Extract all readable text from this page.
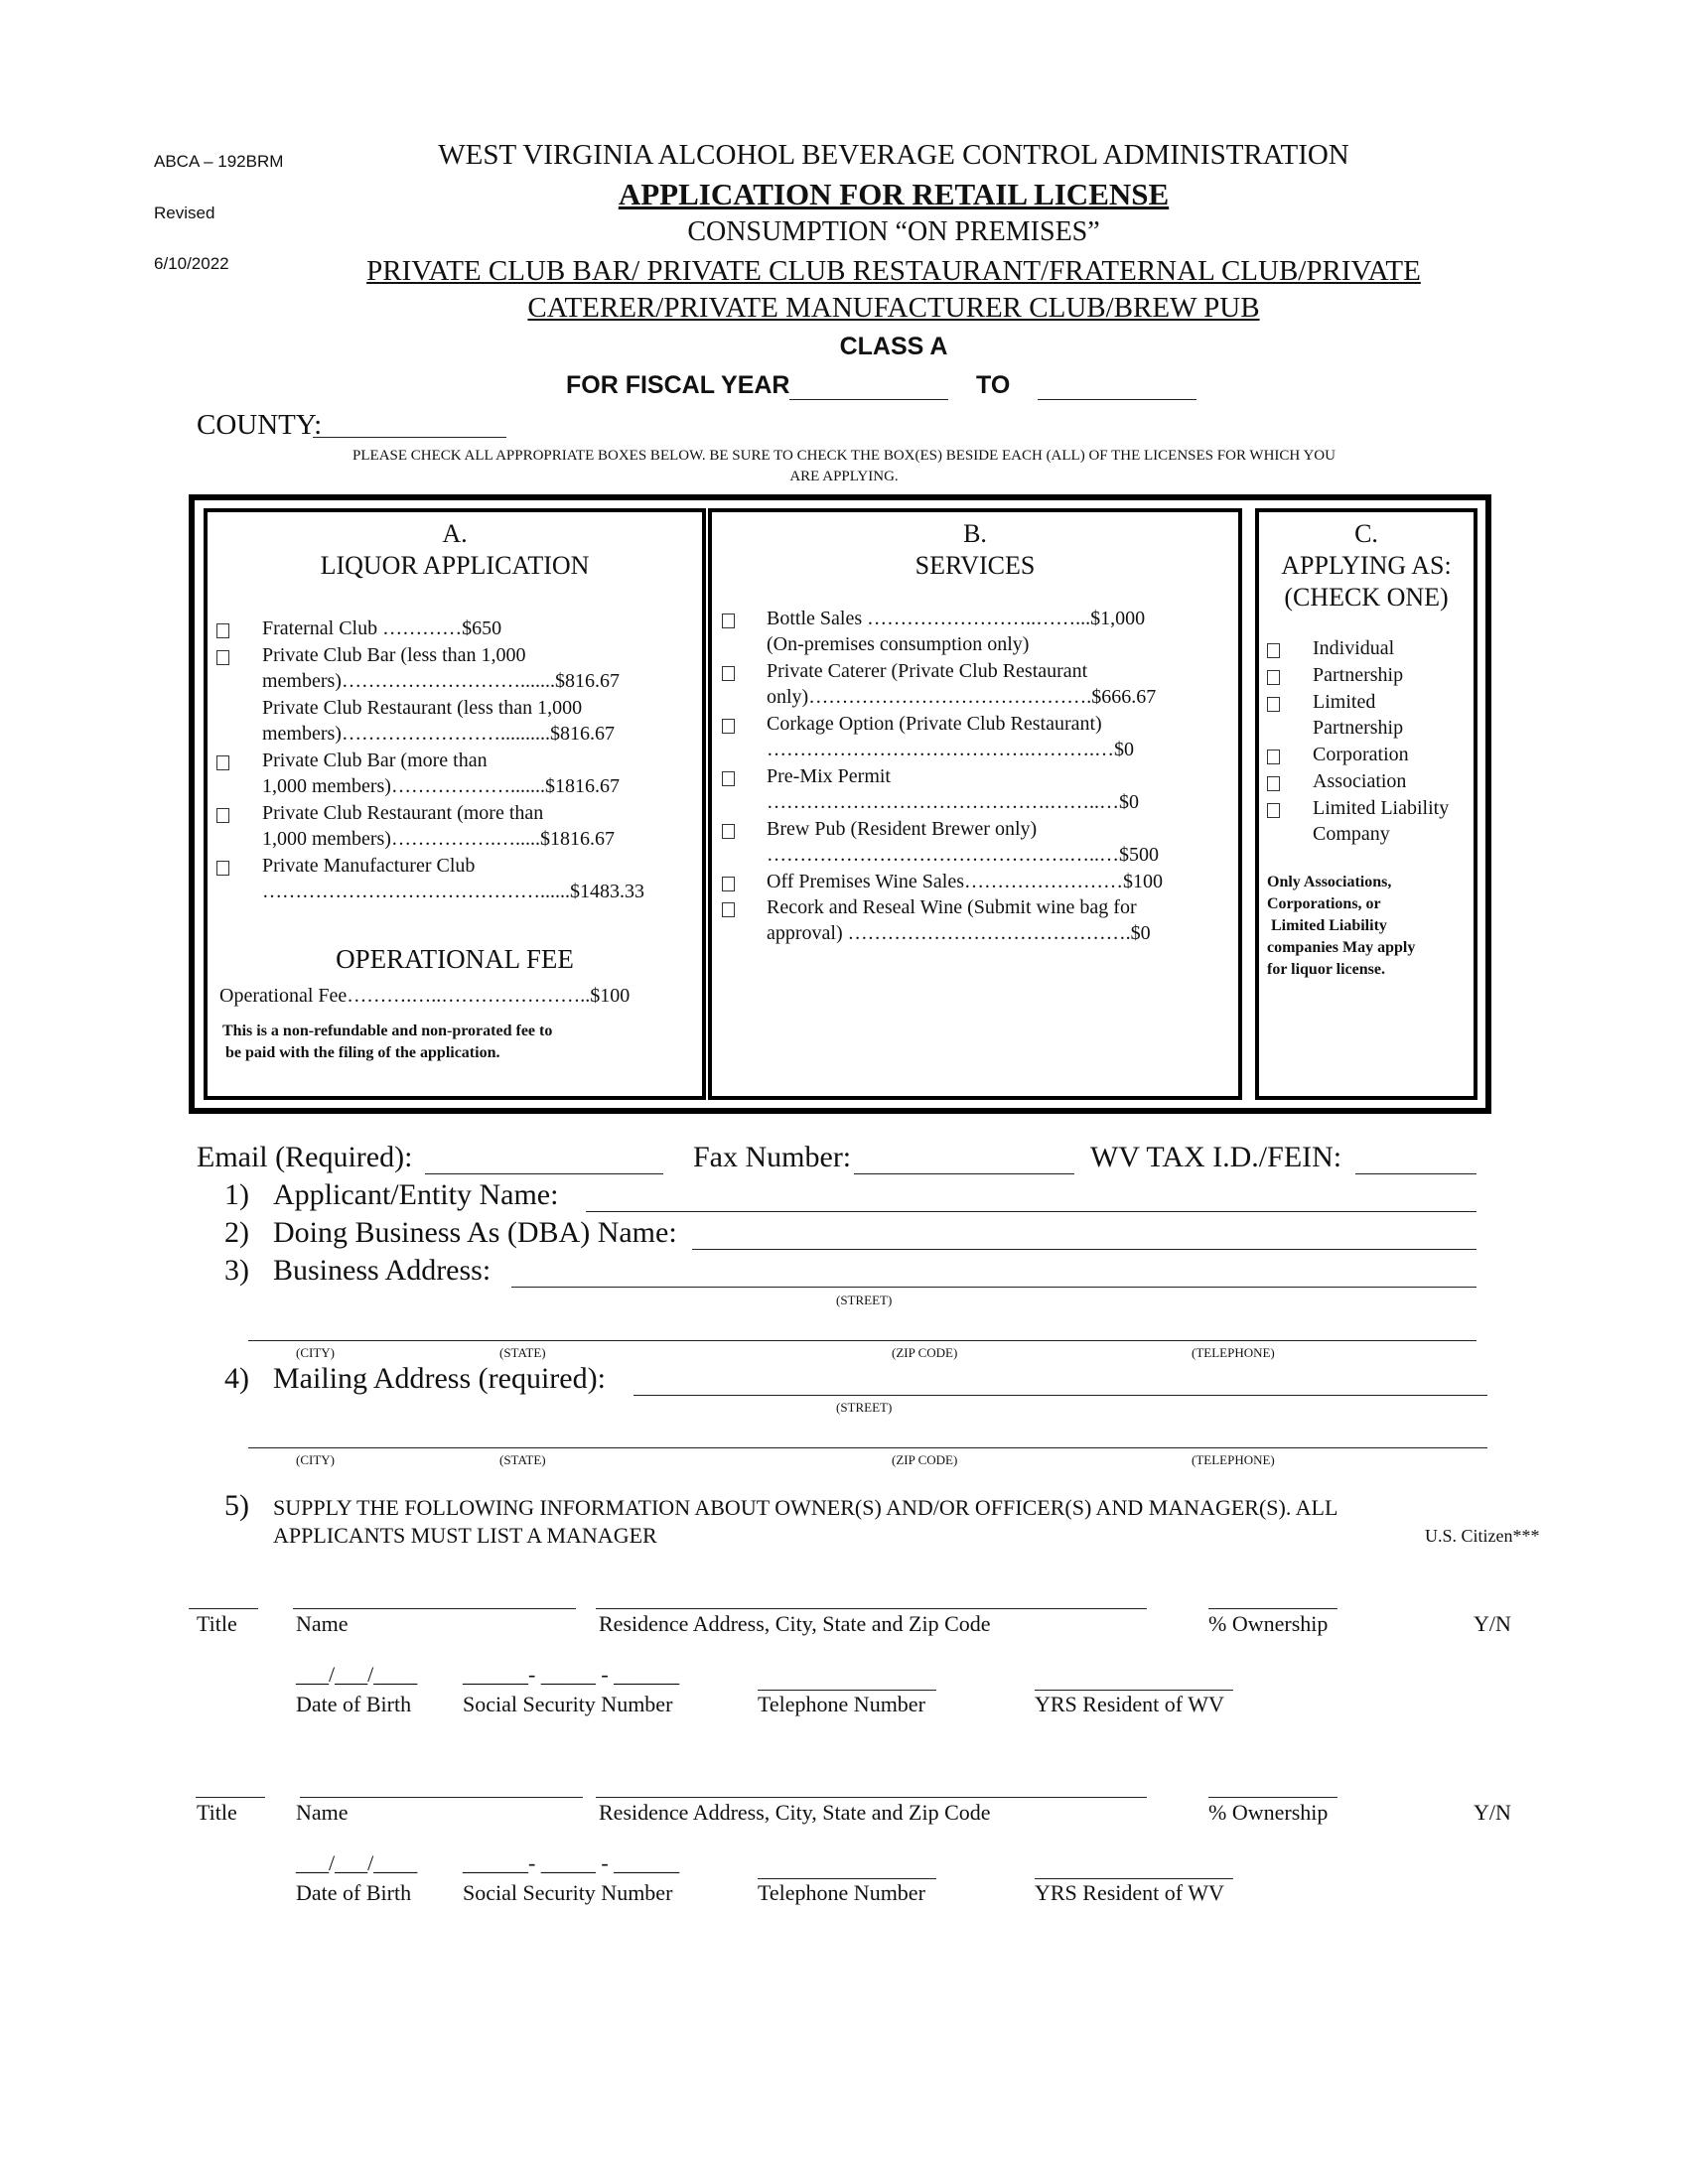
ABCA – 192BRM
Revised
6/10/2022
WEST VIRGINIA ALCOHOL BEVERAGE CONTROL ADMINISTRATION
APPLICATION FOR RETAIL LICENSE
CONSUMPTION “ON PREMISES”
PRIVATE CLUB BAR/ PRIVATE CLUB RESTAURANT/FRATERNAL CLUB/PRIVATE
CATERER/PRIVATE MANUFACTURER CLUB/BREW PUB
CLASS A
FOR FISCAL YEAR	TO
COUNTY:
PLEASE CHECK ALL APPROPRIATE BOXES BELOW. BE SURE TO CHECK THE BOX(ES) BESIDE EACH (ALL) OF THE LICENSES FOR WHICH YOU
ARE APPLYING.
A.
LIQUOR APPLICATION
Fraternal Club …………$650
Private Club Bar (less than 1,000
members)……………………….......$816.67
Private Club Restaurant (less than 1,000
members)……………………..........$816.67
Private Club Bar (more than
1,000 members)……………….......$1816.67
Private Club Restaurant (more than
1,000 members)…………….….....$1816.67
Private Manufacturer Club
……………………………………......$1483.33
OPERATIONAL FEE
Operational Fee……….…..…………………..$100
This is a non-refundable and non-prorated fee to
be paid with the filing of the application.
B.
SERVICES
Bottle Sales ……………………..……...$1,000
(On-premises consumption only)
Private Caterer (Private Club Restaurant
only)…………………………………….$666.67
Corkage Option (Private Club Restaurant)
………………………………….……….…$0
Pre-Mix Permit
…………………………………….……..…$0
Brew Pub (Resident Brewer only)
……………………………………….…..…$500
Off Premises Wine Sales……………………$100
Recork and Reseal Wine (Submit wine bag for
approval) …………………………………….$0
C.
APPLYING AS:
(CHECK ONE)
Individual
Partnership
Limited
Partnership
Corporation
Association
Limited Liability
Company
Only Associations,
Corporations, or
Limited Liability
companies May apply
for liquor license.
Email (Required):	Fax Number:	WV TAX I.D./FEIN:
1) Applicant/Entity Name:
2) Doing Business As (DBA) Name:
3) Business Address:
(STREET)
(CITY)	(STATE)	(ZIP CODE)	(TELEPHONE)
4) Mailing Address (required):
(STREET)
(CITY)	(STATE)	(ZIP CODE)	(TELEPHONE)
5) SUPPLY THE FOLLOWING INFORMATION ABOUT OWNER(S) AND/OR OFFICER(S) AND MANAGER(S). ALL
APPLICANTS MUST LIST A MANAGER	U.S. Citizen***
Title	Name	Residence Address, City, State and Zip Code	% Ownership	Y/N
___/___/____ ______- _____ - ______
Date of Birth Social Security Number	Telephone Number	YRS Resident of WV
Title	Name	Residence Address, City, State and Zip Code	% Ownership	Y/N
___/___/____ ______- _____ - ______
Date of Birth Social Security Number	Telephone Number	YRS Resident of WV
